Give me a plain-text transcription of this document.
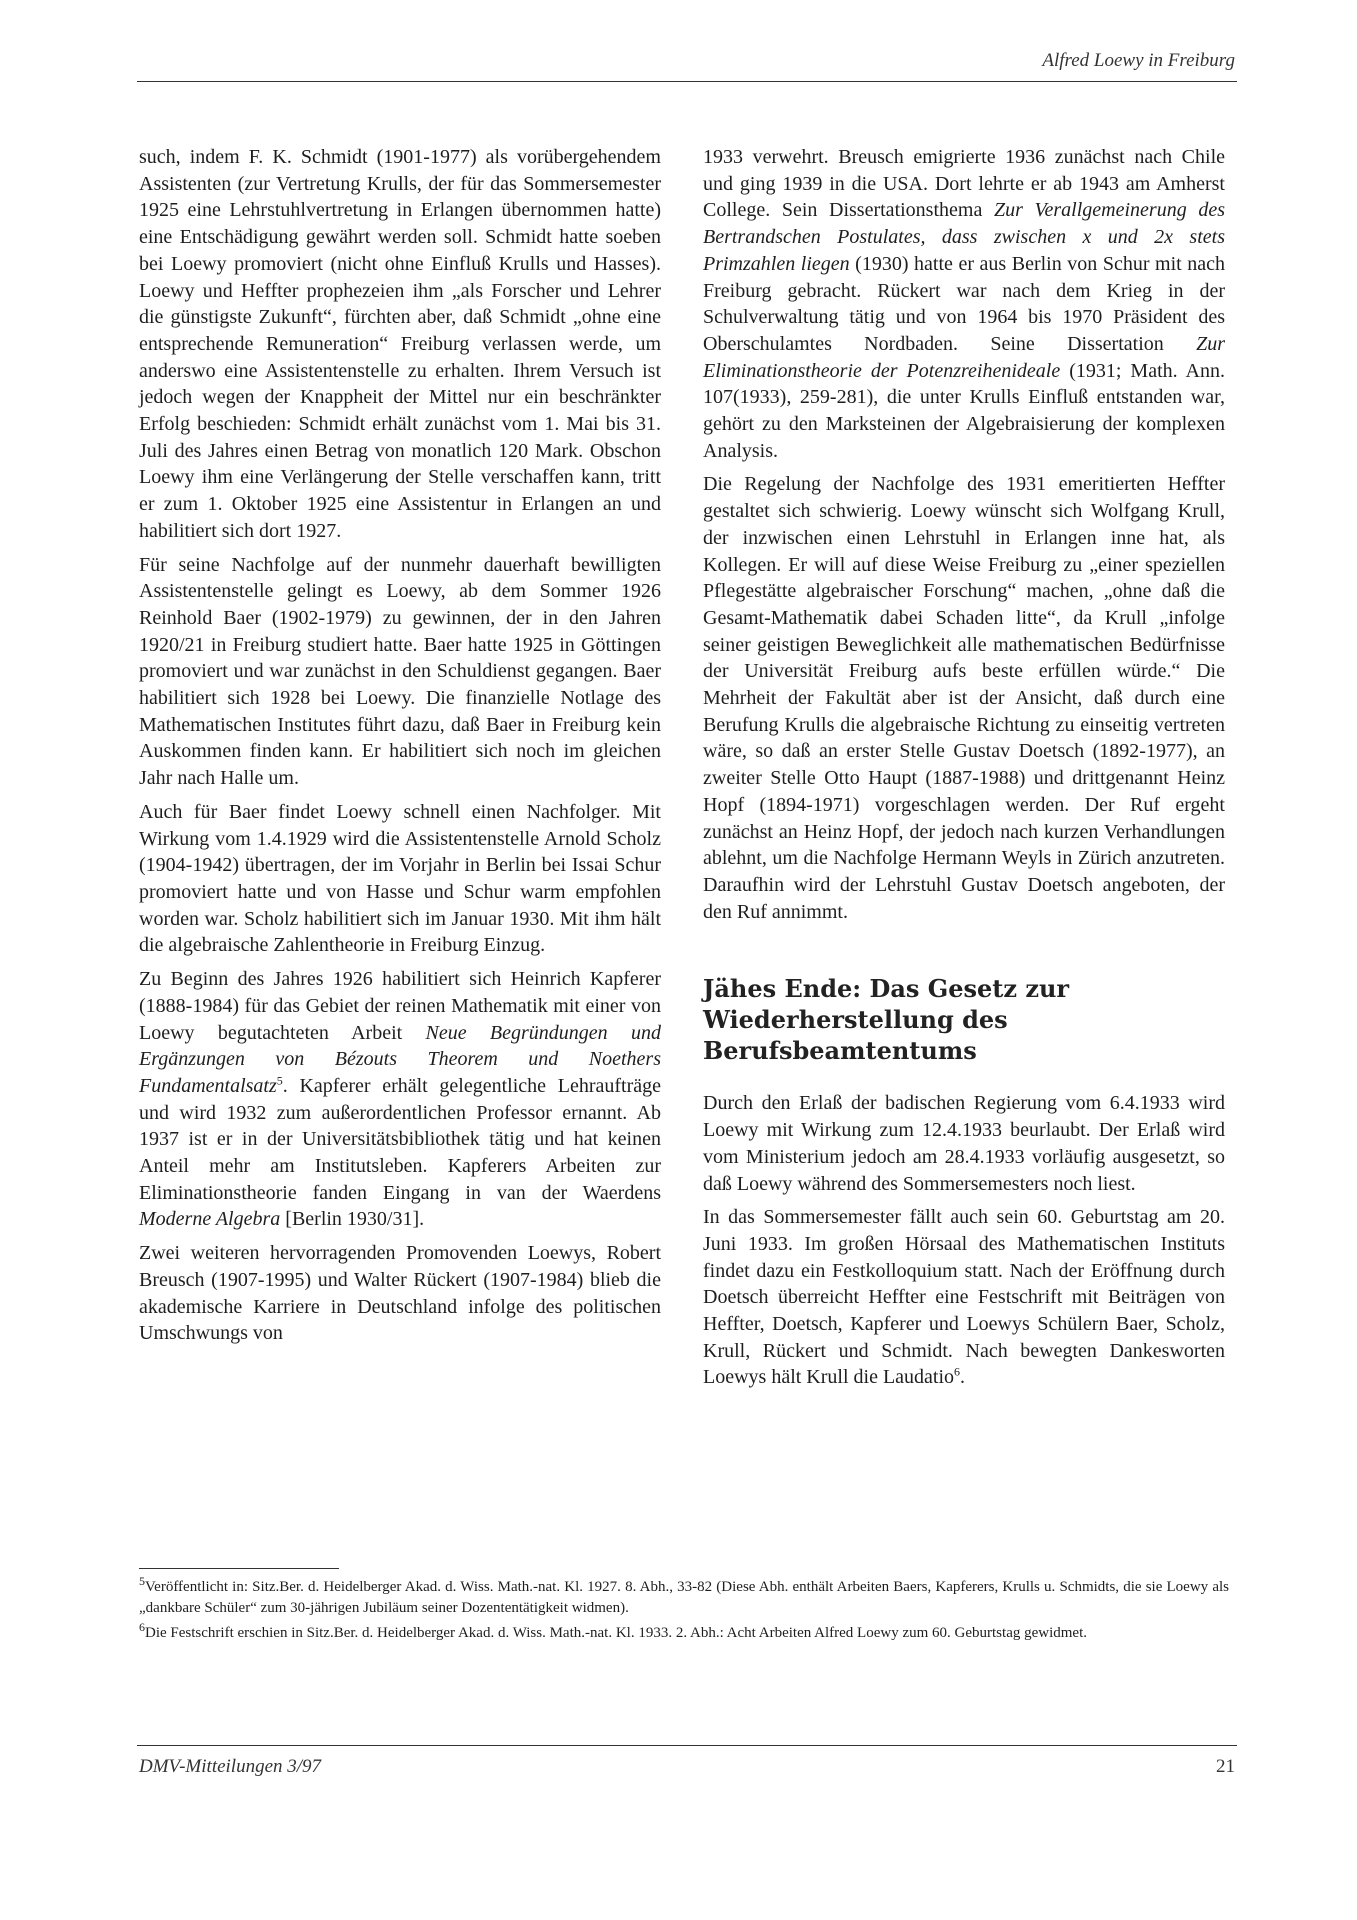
Alfred Loewy in Freiburg

such, indem F. K. Schmidt (1901-1977) als vorübergehendem Assistenten (zur Vertretung Krulls, der für das Sommersemester 1925 eine Lehrstuhlvertretung in Erlangen übernommen hatte) eine Entschädigung gewährt werden soll. Schmidt hatte soeben bei Loewy promoviert (nicht ohne Einfluß Krulls und Hasses). Loewy und Heffter prophezeien ihm „als Forscher und Lehrer die günstigste Zukunft“, fürchten aber, daß Schmidt „ohne eine entsprechende Remuneration“ Freiburg verlassen werde, um anderswo eine Assistentenstelle zu erhalten. Ihrem Versuch ist jedoch wegen der Knappheit der Mittel nur ein beschränkter Erfolg beschieden: Schmidt erhält zunächst vom 1. Mai bis 31. Juli des Jahres einen Betrag von monatlich 120 Mark. Obschon Loewy ihm eine Verlängerung der Stelle verschaffen kann, tritt er zum 1. Oktober 1925 eine Assistentur in Erlangen an und habilitiert sich dort 1927.

Für seine Nachfolge auf der nunmehr dauerhaft bewilligten Assistentenstelle gelingt es Loewy, ab dem Sommer 1926 Reinhold Baer (1902-1979) zu gewinnen, der in den Jahren 1920/21 in Freiburg studiert hatte. Baer hatte 1925 in Göttingen promoviert und war zunächst in den Schuldienst gegangen. Baer habilitiert sich 1928 bei Loewy. Die finanzielle Notlage des Mathematischen Institutes führt dazu, daß Baer in Freiburg kein Auskommen finden kann. Er habilitiert sich noch im gleichen Jahr nach Halle um.

Auch für Baer findet Loewy schnell einen Nachfolger. Mit Wirkung vom 1.4.1929 wird die Assistentenstelle Arnold Scholz (1904-1942) übertragen, der im Vorjahr in Berlin bei Issai Schur promoviert hatte und von Hasse und Schur warm empfohlen worden war. Scholz habilitiert sich im Januar 1930. Mit ihm hält die algebraische Zahlentheorie in Freiburg Einzug.

Zu Beginn des Jahres 1926 habilitiert sich Heinrich Kapferer (1888-1984) für das Gebiet der reinen Mathematik mit einer von Loewy begutachteten Arbeit Neue Begründungen und Ergänzungen von Bézouts Theorem und Noethers Fundamentalsatz$^5$. Kapferer erhält gelegentliche Lehraufträge und wird 1932 zum außerordentlichen Professor ernannt. Ab 1937 ist er in der Universitätsbibliothek tätig und hat keinen Anteil mehr am Institutsleben. Kapferers Arbeiten zur Eliminationstheorie fanden Eingang in van der Waerdens Moderne Algebra [Berlin 1930/31].

Zwei weiteren hervorragenden Promovenden Loewys, Robert Breusch (1907-1995) und Walter Rückert (1907-1984) blieb die akademische Karriere in Deutschland infolge des politischen Umschwungs von

1933 verwehrt. Breusch emigrierte 1936 zunächst nach Chile und ging 1939 in die USA. Dort lehrte er ab 1943 am Amherst College. Sein Dissertationsthema Zur Verallgemeinerung des Bertrandschen Postulates, dass zwischen x und 2x stets Primzahlen liegen (1930) hatte er aus Berlin von Schur mit nach Freiburg gebracht. Rückert war nach dem Krieg in der Schulverwaltung tätig und von 1964 bis 1970 Präsident des Oberschulamtes Nordbaden. Seine Dissertation Zur Eliminationstheorie der Potenzreihenideale (1931; Math. Ann. 107(1933), 259-281), die unter Krulls Einfluß entstanden war, gehört zu den Marksteinen der Algebraisierung der komplexen Analysis.

Die Regelung der Nachfolge des 1931 emeritierten Heffter gestaltet sich schwierig. Loewy wünscht sich Wolfgang Krull, der inzwischen einen Lehrstuhl in Erlangen inne hat, als Kollegen. Er will auf diese Weise Freiburg zu „einer speziellen Pflegestätte algebraischer Forschung“ machen, „ohne daß die Gesamt-Mathematik dabei Schaden litte“, da Krull „infolge seiner geistigen Beweglichkeit alle mathematischen Bedürfnisse der Universität Freiburg aufs beste erfüllen würde.“ Die Mehrheit der Fakultät aber ist der Ansicht, daß durch eine Berufung Krulls die algebraische Richtung zu einseitig vertreten wäre, so daß an erster Stelle Gustav Doetsch (1892-1977), an zweiter Stelle Otto Haupt (1887-1988) und drittgenannt Heinz Hopf (1894-1971) vorgeschlagen werden. Der Ruf ergeht zunächst an Heinz Hopf, der jedoch nach kurzen Verhandlungen ablehnt, um die Nachfolge Hermann Weyls in Zürich anzutreten. Daraufhin wird der Lehrstuhl Gustav Doetsch angeboten, der den Ruf annimmt.

Jähes Ende: Das Gesetz zur Wiederherstellung des Berufsbeamtentums

Durch den Erlaß der badischen Regierung vom 6.4.1933 wird Loewy mit Wirkung zum 12.4.1933 beurlaubt. Der Erlaß wird vom Ministerium jedoch am 28.4.1933 vorläufig ausgesetzt, so daß Loewy während des Sommersemesters noch liest.

In das Sommersemester fällt auch sein 60. Geburtstag am 20. Juni 1933. Im großen Hörsaal des Mathematischen Instituts findet dazu ein Festkolloquium statt. Nach der Eröffnung durch Doetsch überreicht Heffter eine Festschrift mit Beiträgen von Heffter, Doetsch, Kapferer und Loewys Schülern Baer, Scholz, Krull, Rückert und Schmidt. Nach bewegten Dankesworten Loewys hält Krull die Laudatio$^6$.

$^5$Veröffentlicht in: Sitz.Ber. d. Heidelberger Akad. d. Wiss. Math.-nat. Kl. 1927. 8. Abh., 33-82 (Diese Abh. enthält Arbeiten Baers, Kapferers, Krulls u. Schmidts, die sie Loewy als „dankbare Schüler“ zum 30-jährigen Jubiläum seiner Dozententätigkeit widmen).

$^6$Die Festschrift erschien in Sitz.Ber. d. Heidelberger Akad. d. Wiss. Math.-nat. Kl. 1933. 2. Abh.: Acht Arbeiten Alfred Loewy zum 60. Geburtstag gewidmet.

DMV-Mitteilungen 3/97	21
